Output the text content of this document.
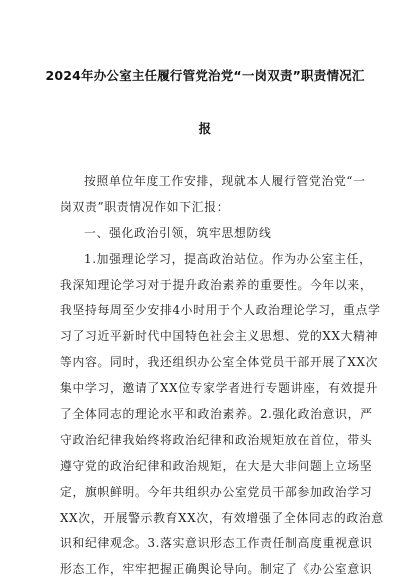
2024年办公室主任履行管党治党“一岗双责”职责情况汇

报

按照单位年度工作安排，现就本人履行管党治党“一
岗双责”职责情况作如下汇报：
一、强化政治引领，筑牢思想防线
1.加强理论学习，提高政治站位。作为办公室主任，
我深知理论学习对于提升政治素养的重要性。今年以来，
我坚持每周至少安排4小时用于个人政治理论学习，重点学
习了习近平新时代中国特色社会主义思想、党的XX大精神
等内容。同时，我还组织办公室全体党员干部开展了XX次
集中学习，邀请了XX位专家学者进行专题讲座，有效提升
了全体同志的理论水平和政治素养。2.强化政治意识，严
守政治纪律我始终将政治纪律和政治规矩放在首位，带头
遵守党的政治纪律和政治规矩，在大是大非问题上立场坚
定，旗帜鲜明。今年共组织办公室党员干部参加政治学习
XX次，开展警示教育XX次，有效增强了全体同志的政治意
识和纪律观念。3.落实意识形态工作责任制高度重视意识
形态工作，牢牢把握正确舆论导向。制定了《办公室意识
